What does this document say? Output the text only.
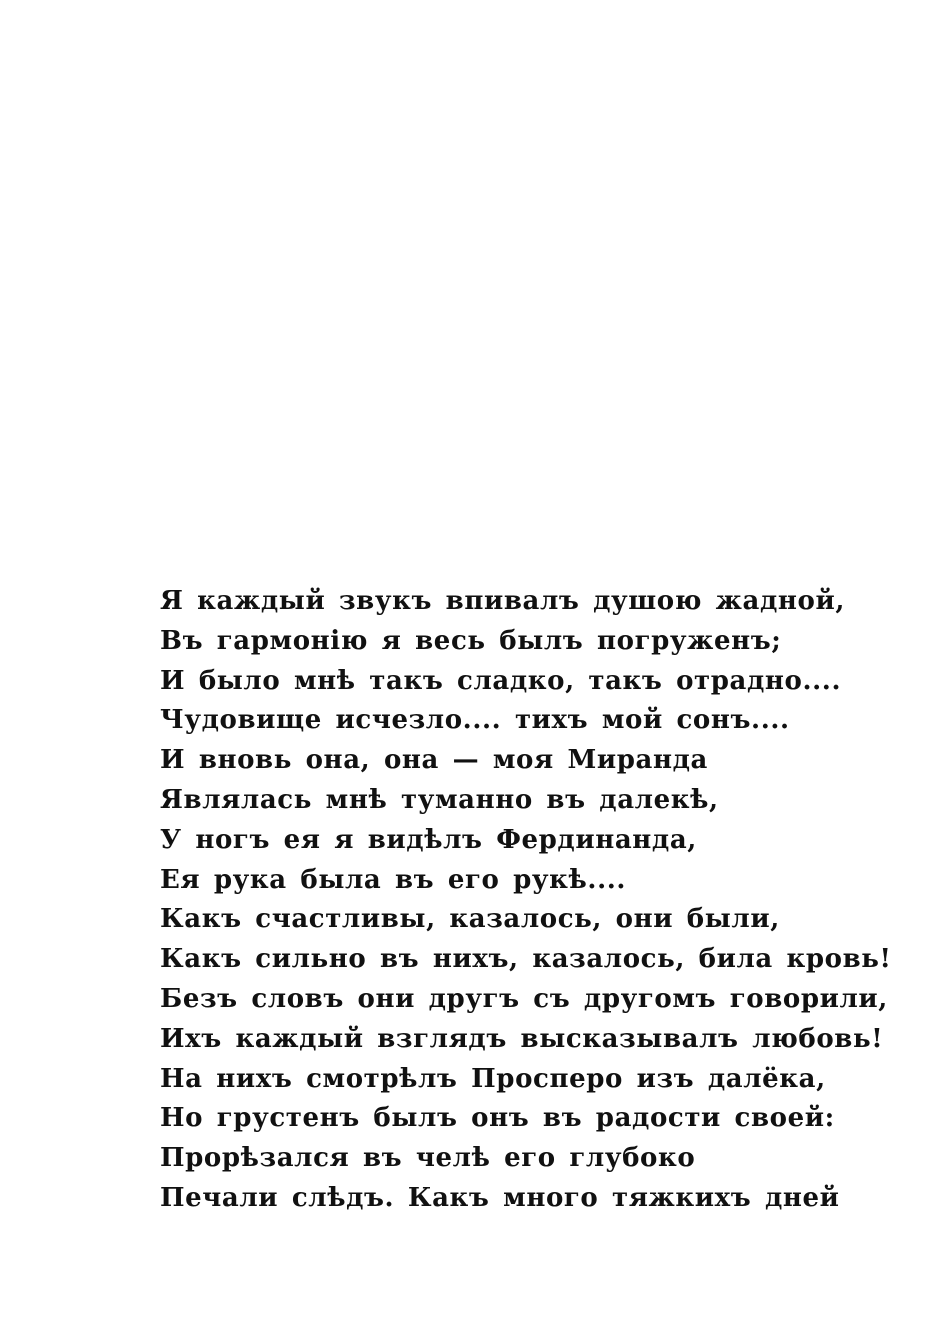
Я каждый звукъ впивалъ душою жадной,
Въ гармонію я весь былъ погруженъ;
И было мнѣ такъ сладко, такъ отрадно....
Чудовище исчезло.... тихъ мой сонъ....
И вновь она, она — моя Миранда
Являлась мнѣ туманно въ далекѣ,
У ногъ ея я видѣлъ Фердинанда,
Ея рука была въ его рукѣ....
Какъ счастливы, казалось, они были,
Какъ сильно въ нихъ, казалось, била кровь!
Безъ словъ они другъ съ другомъ говорили,
Ихъ каждый взглядъ высказывалъ любовь!
На нихъ смотрѣлъ Просперо изъ далёка,
Но грустенъ былъ онъ въ радости своей:
Прорѣзался въ челѣ его глубоко
Печали слѣдъ. Какъ много тяжкихъ дней
